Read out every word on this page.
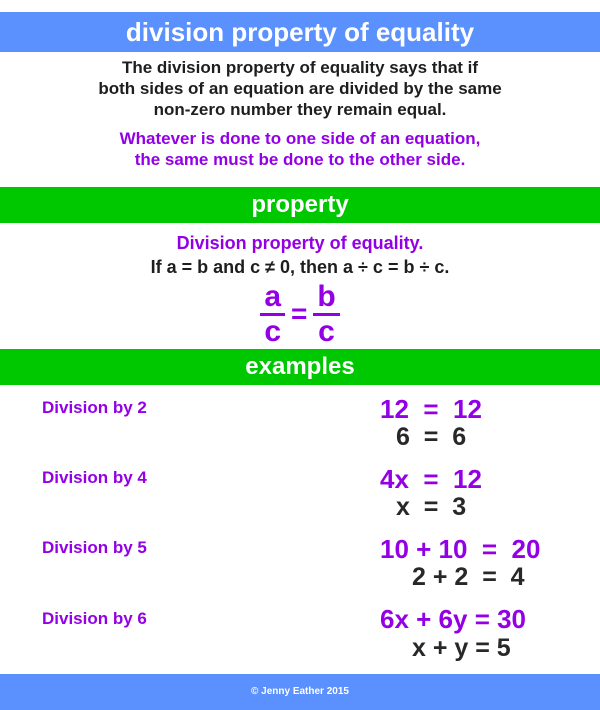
division property of equality
The division property of equality says that if
both sides of an equation are divided by the same
non-zero number they remain equal.
Whatever is done to one side of an equation,
the same must be done to the other side.
property
Division property of equality.
If a = b and c ≠ 0, then a ÷ c = b ÷ c.
$\frac{a}{c} = \frac{b}{c}$
examples
Division by 2	12  =  12
6  =  6
Division by 4	4x  =  12
x  =  3
Division by 5	10 + 10  =  20
2 + 2  =  4
Division by 6	6x + 6y = 30
x + y = 5
© Jenny Eather 2015
